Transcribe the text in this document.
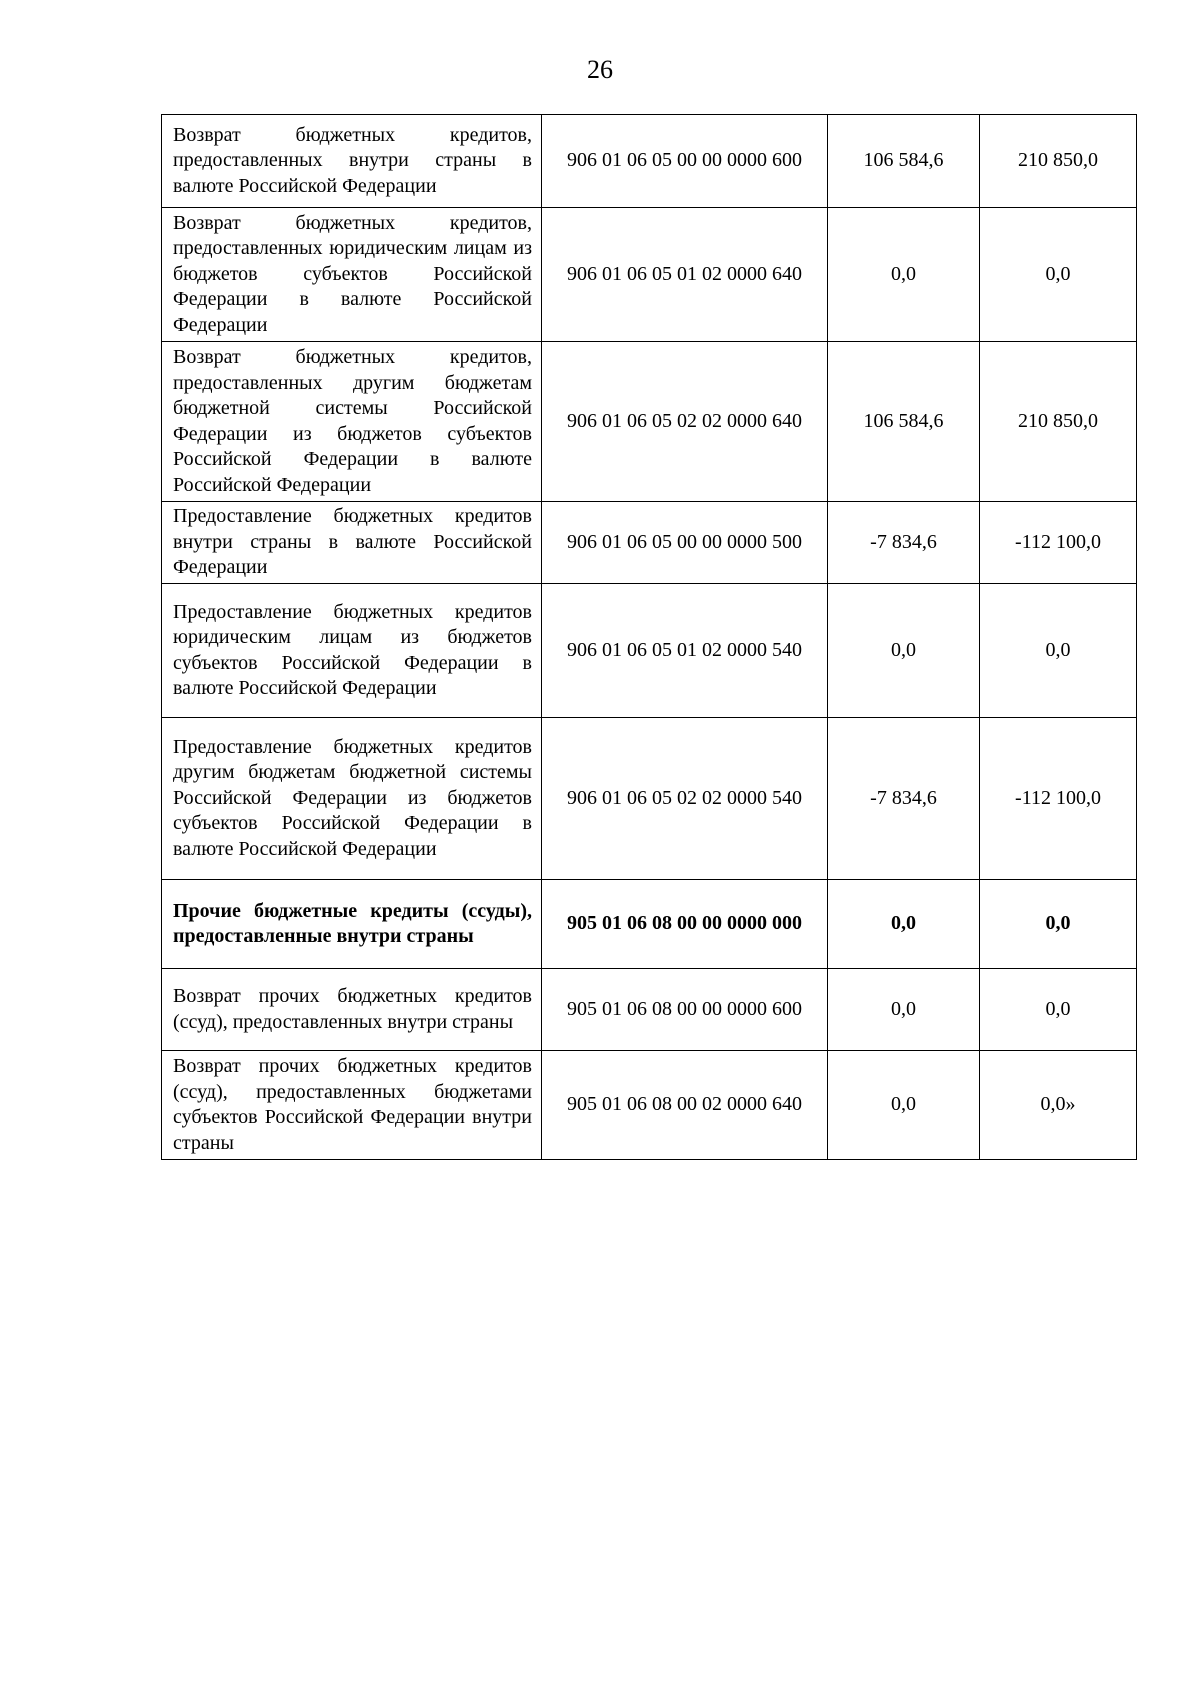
26
Возврат бюджетных кредитов, предоставленных внутри страны в валюте Российской Федерации	906 01 06 05 00 00 0000 600	106 584,6	210 850,0
Возврат бюджетных кредитов, предоставленных юридическим лицам из бюджетов субъектов Российской Федерации в валюте Российской Федерации	906 01 06 05 01 02 0000 640	0,0	0,0
Возврат бюджетных кредитов, предоставленных другим бюджетам бюджетной системы Российской Федерации из бюджетов субъектов Российской Федерации в валюте Российской Федерации	906 01 06 05 02 02 0000 640	106 584,6	210 850,0
Предоставление бюджетных кредитов внутри страны в валюте Российской Федерации	906 01 06 05 00 00 0000 500	-7 834,6	-112 100,0
Предоставление бюджетных кредитов юридическим лицам из бюджетов субъектов Российской Федерации в валюте Российской Федерации	906 01 06 05 01 02 0000 540	0,0	0,0
Предоставление бюджетных кредитов другим бюджетам бюджетной системы Российской Федерации из бюджетов субъектов Российской Федерации в валюте Российской Федерации	906 01 06 05 02 02 0000 540	-7 834,6	-112 100,0
Прочие бюджетные кредиты (ссуды), предоставленные внутри страны	905 01 06 08 00 00 0000 000	0,0	0,0
Возврат прочих бюджетных кредитов (ссуд), предоставленных внутри страны	905 01 06 08 00 00 0000 600	0,0	0,0
Возврат прочих бюджетных кредитов (ссуд), предоставленных бюджетами субъектов Российской Федерации внутри страны	905 01 06 08 00 02 0000 640	0,0	0,0»
